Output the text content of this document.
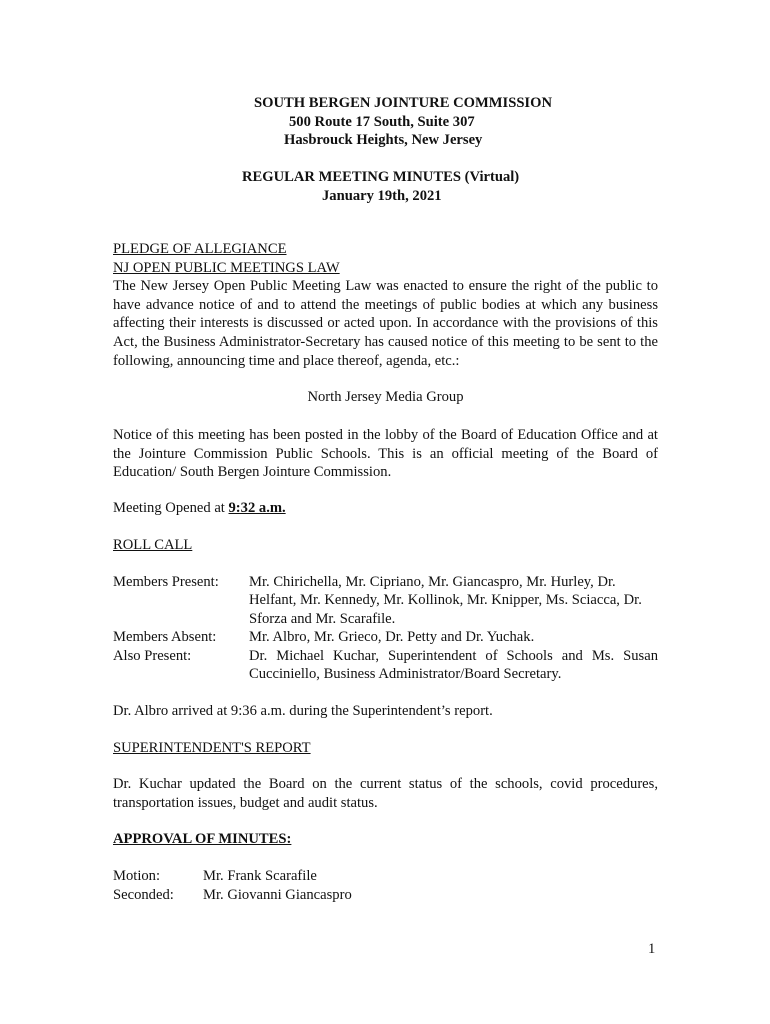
SOUTH BERGEN JOINTURE COMMISSION
500 Route 17 South, Suite 307
Hasbrouck Heights, New Jersey
REGULAR MEETING MINUTES (Virtual)
January 19th, 2021
PLEDGE OF ALLEGIANCE
NJ OPEN PUBLIC MEETINGS LAW
The New Jersey Open Public Meeting Law was enacted to ensure the right of the public to have advance notice of and to attend the meetings of public bodies at which any business affecting their interests is discussed or acted upon. In accordance with the provisions of this Act, the Business Administrator-Secretary has caused notice of this meeting to be sent to the following, announcing time and place thereof, agenda, etc.:
North Jersey Media Group
Notice of this meeting has been posted in the lobby of the Board of Education Office and at the Jointure Commission Public Schools. This is an official meeting of the Board of Education/ South Bergen Jointure Commission.
Meeting Opened at 9:32 a.m.
ROLL CALL
Members Present: Mr. Chirichella, Mr. Cipriano, Mr. Giancaspro, Mr. Hurley, Dr. Helfant, Mr. Kennedy, Mr. Kollinok, Mr. Knipper, Ms. Sciacca, Dr. Sforza and Mr. Scarafile.
Members Absent: Mr. Albro, Mr. Grieco, Dr. Petty and Dr. Yuchak.
Also Present:	Dr. Michael Kuchar, Superintendent of Schools and Ms. Susan Cucciniello, Business Administrator/Board Secretary.
Dr. Albro arrived at 9:36 a.m. during the Superintendent’s report.
SUPERINTENDENT'S REPORT
Dr. Kuchar updated the Board on the current status of the schools, covid procedures, transportation issues, budget and audit status.
APPROVAL OF MINUTES:
Motion:	Mr. Frank Scarafile
Seconded: Mr. Giovanni Giancaspro
1
